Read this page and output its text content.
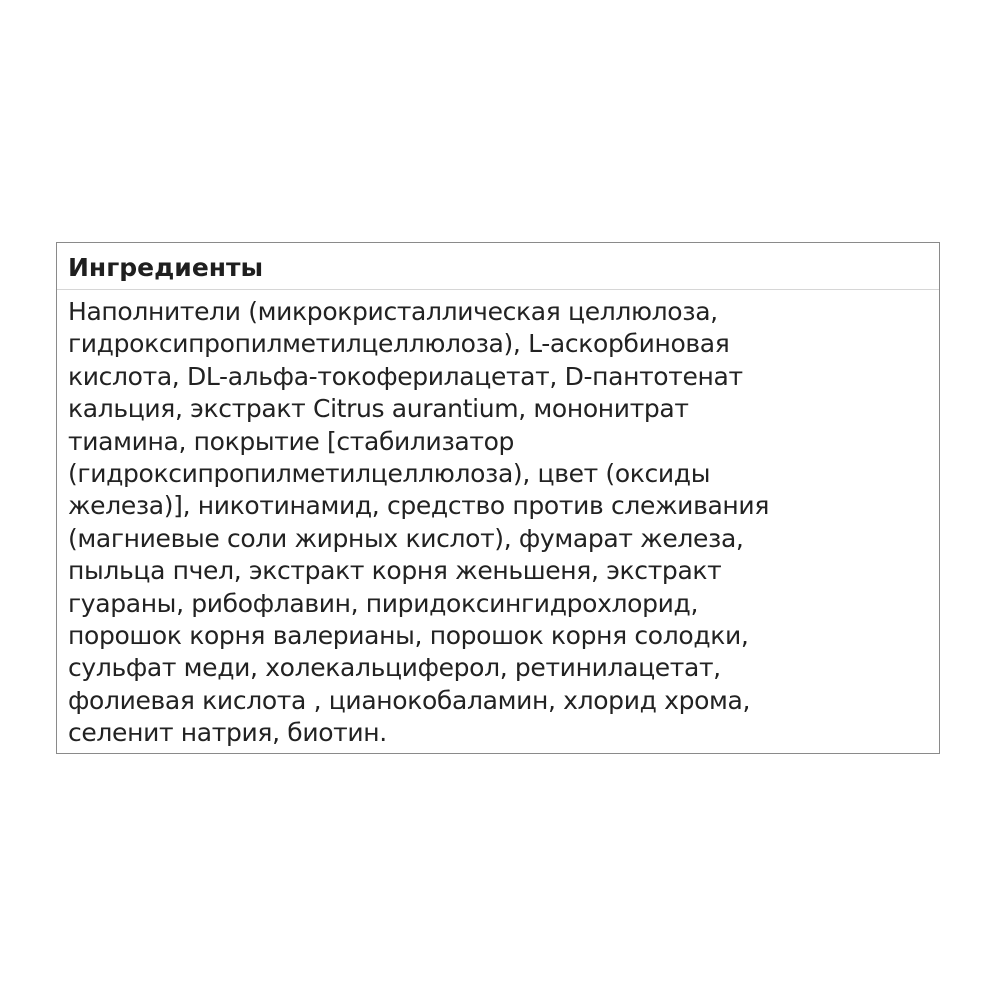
Ингредиенты
Наполнители (микрокристаллическая целлюлоза,
гидроксипропилметилцеллюлоза), L-аскорбиновая
кислота, DL-альфа-токоферилацетат, D-пантотенат
кальция, экстракт Citrus aurantium, мононитрат
тиамина, покрытие [стабилизатор
(гидроксипропилметилцеллюлоза), цвет (оксиды
железа)], никотинамид, средство против слеживания
(магниевые соли жирных кислот), фумарат железа,
пыльца пчел, экстракт корня женьшеня, экстракт
гуараны, рибофлавин, пиридоксингидрохлорид,
порошок корня валерианы, порошок корня солодки,
сульфат меди, холекальциферол, ретинилацетат,
фолиевая кислота , цианокобаламин, хлорид хрома,
селенит натрия, биотин.
